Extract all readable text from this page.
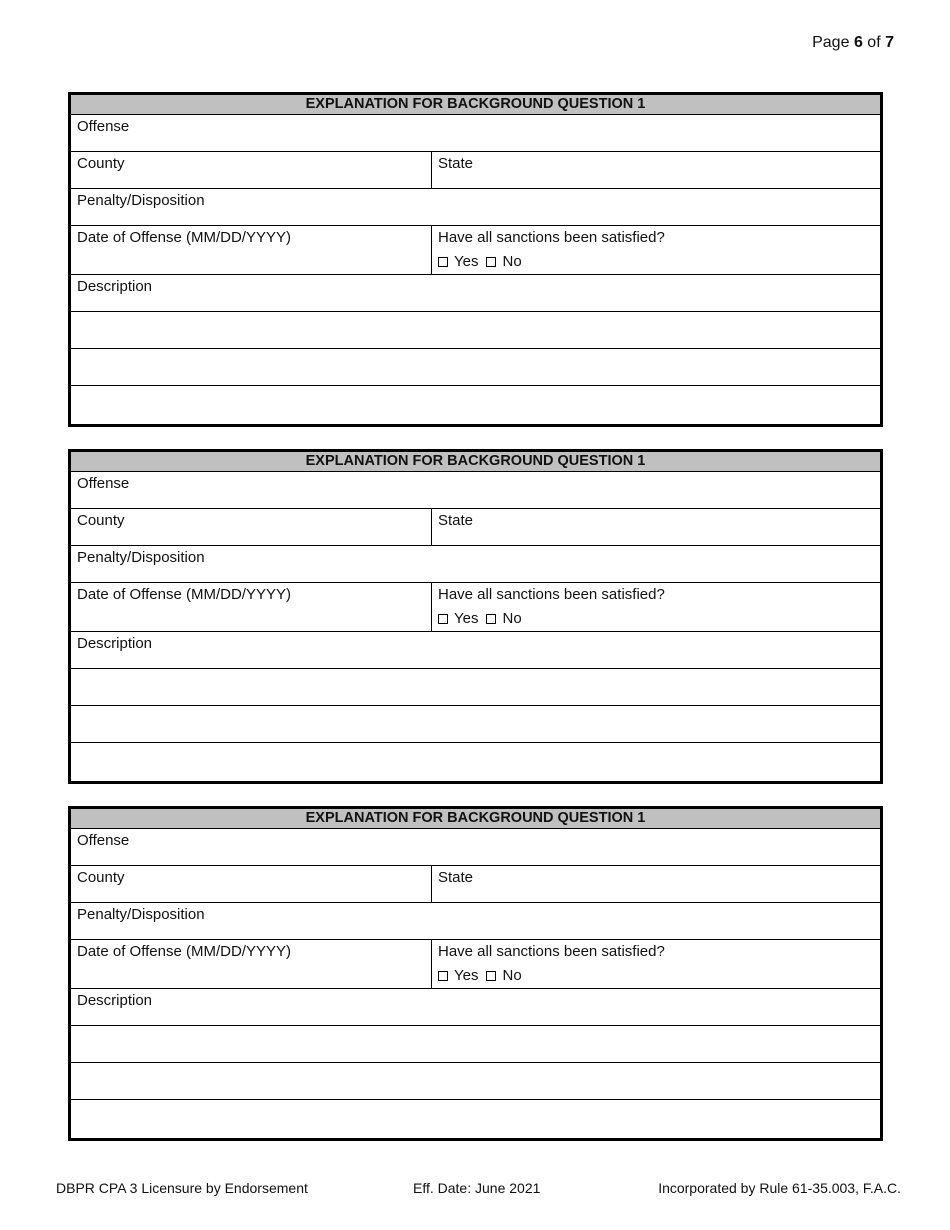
Page 6 of 7
EXPLANATION FOR BACKGROUND QUESTION 1
Offense
County	State
Penalty/Disposition
Date of Offense (MM/DD/YYYY)	Have all sanctions been satisfied?
Yes No
Description
EXPLANATION FOR BACKGROUND QUESTION 1
Offense
County	State
Penalty/Disposition
Date of Offense (MM/DD/YYYY)	Have all sanctions been satisfied?
Yes No
Description
EXPLANATION FOR BACKGROUND QUESTION 1
Offense
County	State
Penalty/Disposition
Date of Offense (MM/DD/YYYY)	Have all sanctions been satisfied?
Yes No
Description
DBPR CPA 3 Licensure by Endorsement	Eff. Date: June 2021	Incorporated by Rule 61-35.003, F.A.C.
